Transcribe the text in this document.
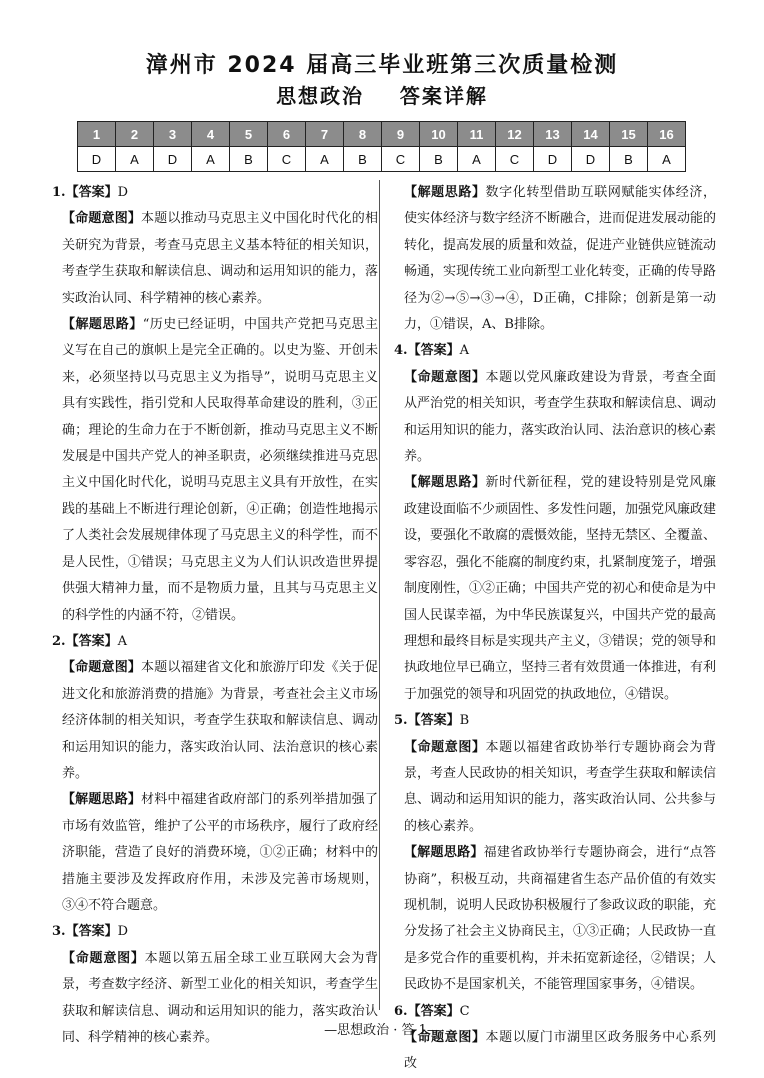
漳州市 2024 届高三毕业班第三次质量检测
思想政治    答案详解
1	2	3	4	5	6	7	8	9	10	11	12	13	14	15	16
D	A	D	A	B	C	A	B	C	B	A	C	D	D	B	A

1.【答案】D

【命题意图】本题以推动马克思主义中国化时代化的相关研究为背景，考查马克思主义基本特征的相关知识，考查学生获取和解读信息、调动和运用知识的能力，落实政治认同、科学精神的核心素养。

【解题思路】“历史已经证明，中国共产党把马克思主义写在自己的旗帜上是完全正确的。以史为鉴、开创未来，必须坚持以马克思主义为指导”，说明马克思主义具有实践性，指引党和人民取得革命建设的胜利，③正确；理论的生命力在于不断创新，推动马克思主义不断发展是中国共产党人的神圣职责，必须继续推进马克思主义中国化时代化，说明马克思主义具有开放性，在实践的基础上不断进行理论创新，④正确；创造性地揭示了人类社会发展规律体现了马克思主义的科学性，而不是人民性，①错误；马克思主义为人们认识改造世界提供强大精神力量，而不是物质力量，且其与马克思主义的科学性的内涵不符，②错误。

2.【答案】A

【命题意图】本题以福建省文化和旅游厅印发《关于促进文化和旅游消费的措施》为背景，考查社会主义市场经济体制的相关知识，考查学生获取和解读信息、调动和运用知识的能力，落实政治认同、法治意识的核心素养。

【解题思路】材料中福建省政府部门的系列举措加强了市场有效监管，维护了公平的市场秩序，履行了政府经济职能，营造了良好的消费环境，①②正确；材料中的措施主要涉及发挥政府作用，未涉及完善市场规则，③④不符合题意。

3.【答案】D

【命题意图】本题以第五届全球工业互联网大会为背景，考查数字经济、新型工业化的相关知识，考查学生获取和解读信息、调动和运用知识的能力，落实政治认同、科学精神的核心素养。

【解题思路】数字化转型借助互联网赋能实体经济，使实体经济与数字经济不断融合，进而促进发展动能的转化，提高发展的质量和效益，促进产业链供应链流动畅通，实现传统工业向新型工业化转变，正确的传导路径为②→⑤→③→④，D正确，C排除；创新是第一动力，①错误，A、B排除。

4.【答案】A

【命题意图】本题以党风廉政建设为背景，考查全面从严治党的相关知识，考查学生获取和解读信息、调动和运用知识的能力，落实政治认同、法治意识的核心素养。

【解题思路】新时代新征程，党的建设特别是党风廉政建设面临不少顽固性、多发性问题，加强党风廉政建设，要强化不敢腐的震慑效能，坚持无禁区、全覆盖、零容忍，强化不能腐的制度约束，扎紧制度笼子，增强制度刚性，①②正确；中国共产党的初心和使命是为中国人民谋幸福，为中华民族谋复兴，中国共产党的最高理想和最终目标是实现共产主义，③错误；党的领导和执政地位早已确立，坚持三者有效贯通一体推进，有利于加强党的领导和巩固党的执政地位，④错误。

5.【答案】B

【命题意图】本题以福建省政协举行专题协商会为背景，考查人民政协的相关知识，考查学生获取和解读信息、调动和运用知识的能力，落实政治认同、公共参与的核心素养。

【解题思路】福建省政协举行专题协商会，进行“点答协商”，积极互动，共商福建省生态产品价值的有效实现机制，说明人民政协积极履行了参政议政的职能，充分发扬了社会主义协商民主，①③正确；人民政协一直是多党合作的重要机构，并未拓宽新途径，②错误；人民政协不是国家机关，不能管理国家事务，④错误。

6.【答案】C

【命题意图】本题以厦门市湖里区政务服务中心系列改

—思想政治 · 答 1—
